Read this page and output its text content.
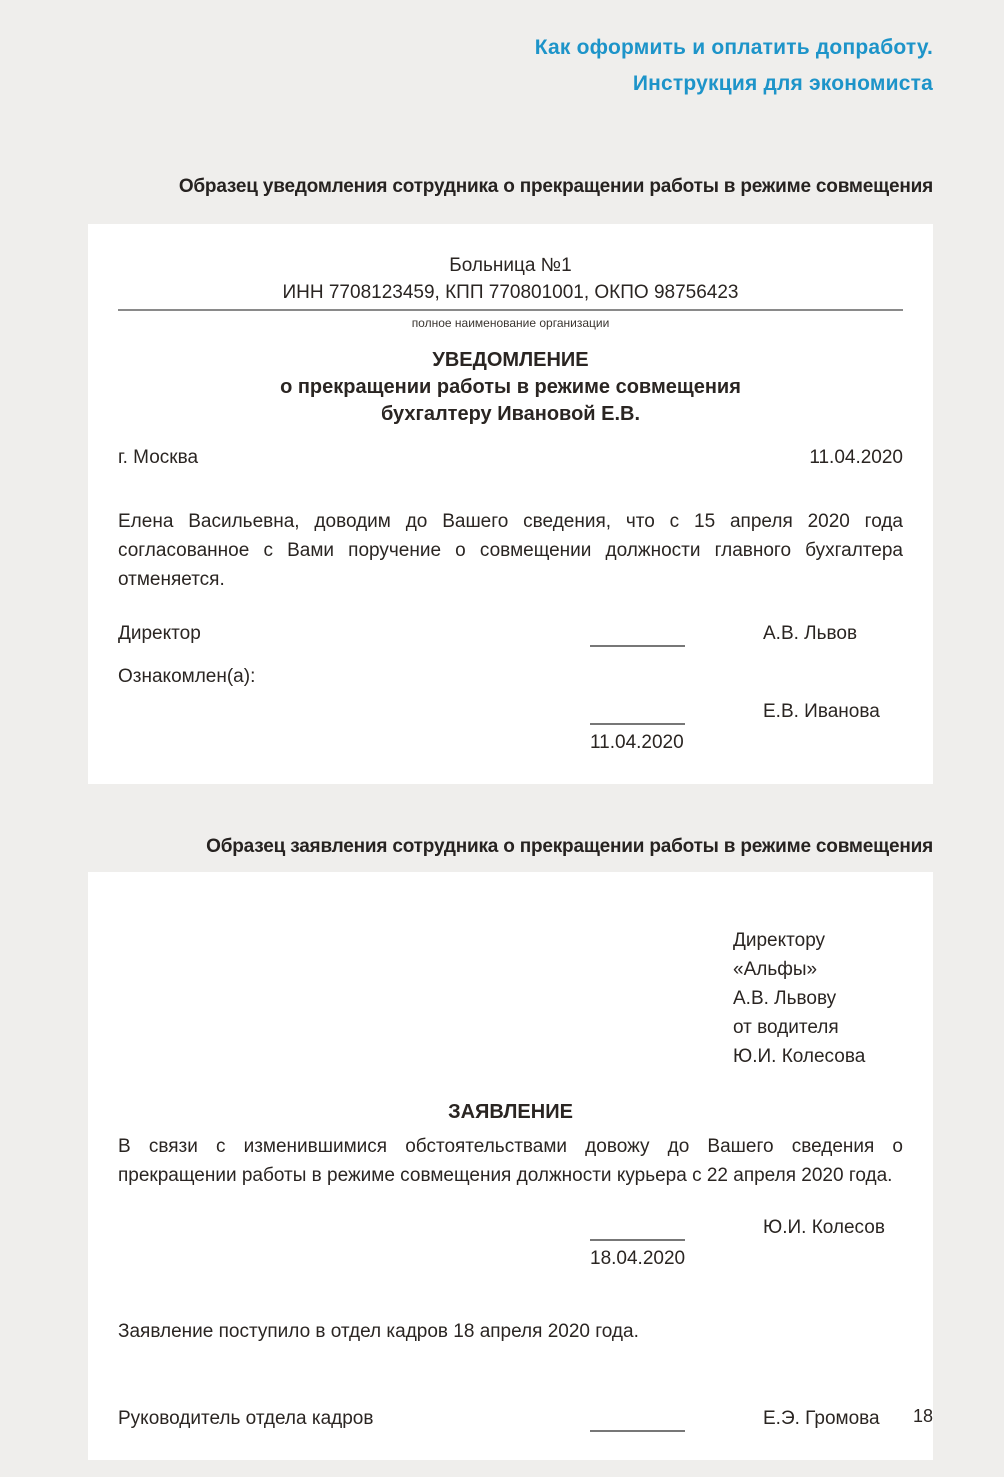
Как оформить и оплатить допработу.
Инструкция для экономиста
Образец уведомления сотрудника о прекращении работы в режиме совмещения
Больница №1
ИНН 7708123459, КПП 770801001, ОКПО 98756423
полное наименование организации
УВЕДОМЛЕНИЕ
о прекращении работы в режиме совмещения
бухгалтеру Ивановой Е.В.
г. Москва	11.04.2020

Елена Васильевна, доводим до Вашего сведения, что с 15 апреля 2020 года согласованное с Вами поручение о совмещении должности главного бухгалтера отменяется.

Директор	А.В. Львов
Ознакомлен(а):
Е.В. Иванова
11.04.2020
Образец заявления сотрудника о прекращении работы в режиме совмещения
Директору
«Альфы»
А.В. Львову
от водителя
Ю.И. Колесова
ЗАЯВЛЕНИЕ

В связи с изменившимися обстоятельствами довожу до Вашего сведения о прекращении работы в режиме совмещения должности курьера с 22 апреля 2020 года.

Ю.И. Колесов
18.04.2020
Заявление поступило в отдел кадров 18 апреля 2020 года.
Руководитель отдела кадров	Е.Э. Громова	18
